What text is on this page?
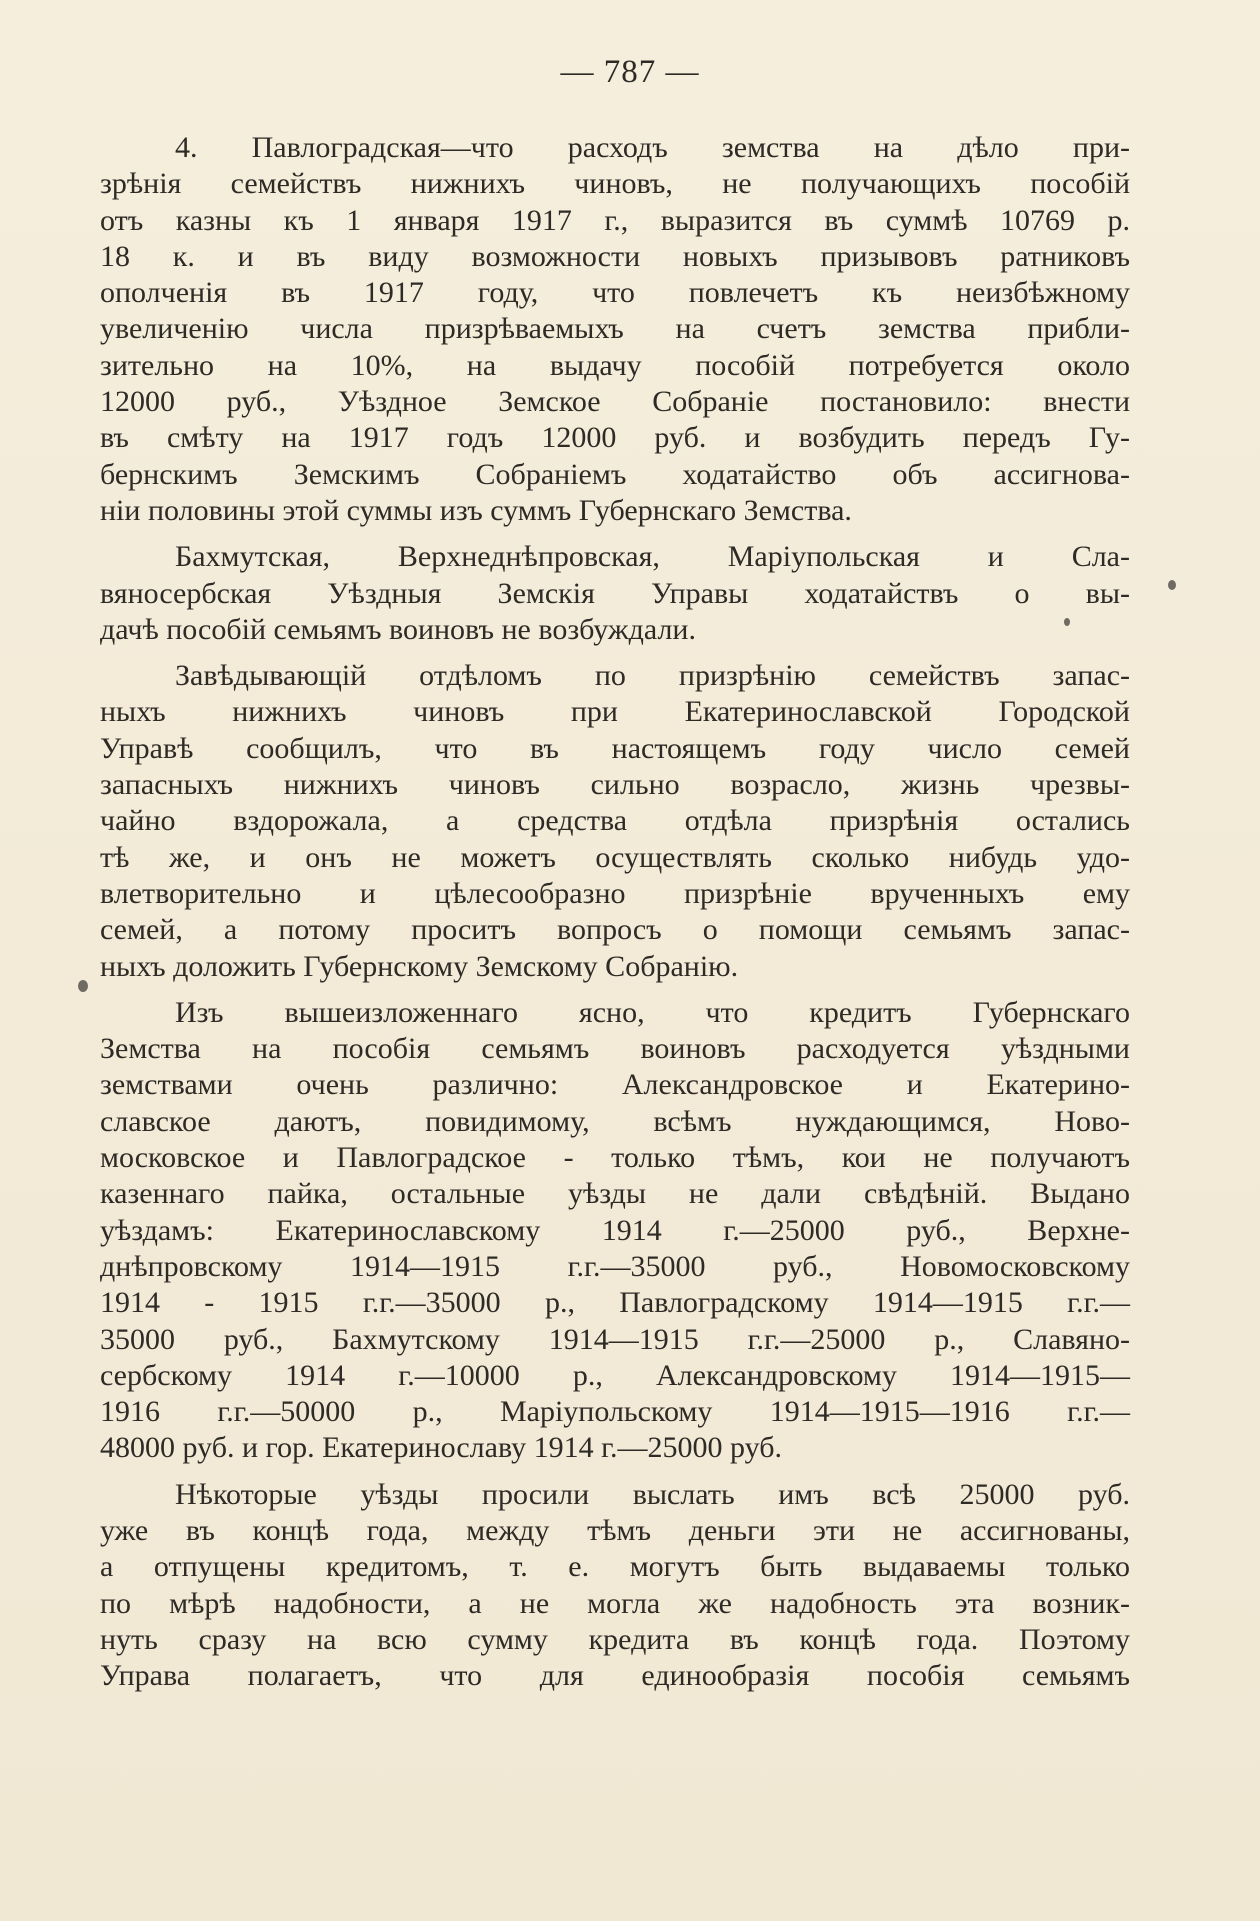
— 787 —
4. Павлоградская—что расходъ земства на дѣло при-
зрѣнія семействъ нижнихъ чиновъ, не получающихъ пособій
отъ казны къ 1 января 1917 г., выразится въ суммѣ 10769 р.
18 к. и въ виду возможности новыхъ призывовъ ратниковъ
ополченія въ 1917 году, что повлечетъ къ неизбѣжному
увеличенію числа призрѣваемыхъ на счетъ земства прибли-
зительно на 10%, на выдачу пособій потребуется около
12000 руб., Уѣздное Земское Собраніе постановило: внести
въ смѣту на 1917 годъ 12000 руб. и возбудить передъ Гу-
бернскимъ Земскимъ Собраніемъ ходатайство объ ассигнова-
ніи половины этой суммы изъ суммъ Губернскаго Земства.
Бахмутская, Верхнеднѣпровская, Маріупольская и Сла-
вяносербская Уѣздныя Земскія Управы ходатайствъ о вы-
дачѣ пособій семьямъ воиновъ не возбуждали.
Завѣдывающій отдѣломъ по призрѣнію семействъ запас-
ныхъ нижнихъ чиновъ при Екатеринославской Городской
Управѣ сообщилъ, что въ настоящемъ году число семей
запасныхъ нижнихъ чиновъ сильно возрасло, жизнь чрезвы-
чайно вздорожала, а средства отдѣла призрѣнія остались
тѣ же, и онъ не можетъ осуществлять сколько нибудь удо-
влетворительно и цѣлесообразно призрѣніе врученныхъ ему
семей, а потому проситъ вопросъ о помощи семьямъ запас-
ныхъ доложить Губернскому Земскому Собранію.
Изъ вышеизложеннаго ясно, что кредитъ Губернскаго
Земства на пособія семьямъ воиновъ расходуется уѣздными
земствами очень различно: Александровское и Екатерино-
славское даютъ, повидимому, всѣмъ нуждающимся, Ново-
московское и Павлоградское - только тѣмъ, кои не получаютъ
казеннаго пайка, остальные уѣзды не дали свѣдѣній. Выдано
уѣздамъ: Екатеринославскому 1914 г.—25000 руб., Верхне-
днѣпровскому 1914—1915 г.г.—35000 руб., Новомосковскому
1914 - 1915 г.г.—35000 р., Павлоградскому 1914—1915 г.г.—
35000 руб., Бахмутскому 1914—1915 г.г.—25000 р., Славяно-
сербскому 1914 г.—10000 р., Александровскому 1914—1915—
1916 г.г.—50000 р., Маріупольскому 1914—1915—1916 г.г.—
48000 руб. и гор. Екатеринославу 1914 г.—25000 руб.
Нѣкоторые уѣзды просили выслать имъ всѣ 25000 руб.
уже въ концѣ года, между тѣмъ деньги эти не ассигнованы,
а отпущены кредитомъ, т. е. могутъ быть выдаваемы только
по мѣрѣ надобности, а не могла же надобность эта возник-
нуть сразу на всю сумму кредита въ концѣ года. Поэтому
Управа полагаетъ, что для единообразія пособія семьямъ
